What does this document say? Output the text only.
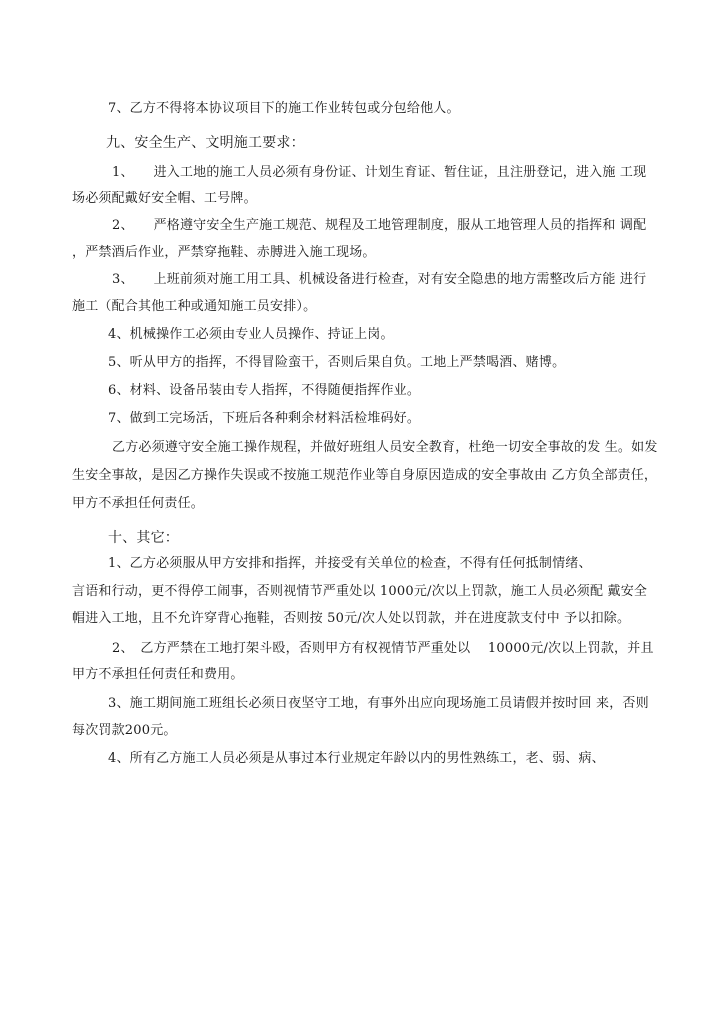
7、乙方不得将本协议项目下的施工作业转包或分包给他人。
九、安全生产、文明施工要求：
1、　　进入工地的施工人员必须有身份证、计划生育证、暂住证，且注册登记，进入施 工现
场必须配戴好安全帽、工号牌。
2、　　严格遵守安全生产施工规范、规程及工地管理制度，服从工地管理人员的指挥和 调配
，严禁酒后作业，严禁穿拖鞋、赤膊进入施工现场。
3、　　上班前须对施工用工具、机械设备进行检查，对有安全隐患的地方需整改后方能 进行
施工（配合其他工种或通知施工员安排）。
4、机械操作工必须由专业人员操作、持证上岗。
5、听从甲方的指挥，不得冒险蛮干，否则后果自负。工地上严禁喝酒、赌博。
6、材料、设备吊装由专人指挥，不得随便指挥作业。
7、做到工完场活，下班后各种剩余材料活检堆码好。
乙方必须遵守安全施工操作规程，并做好班组人员安全教育，杜绝一切安全事故的发 生。如发
生安全事故，是因乙方操作失误或不按施工规范作业等自身原因造成的安全事故由 乙方负全部责任，
甲方不承担任何责任。
十、其它：
1、乙方必须服从甲方安排和指挥，并接受有关单位的检查，不得有任何抵制情绪、
言语和行动，更不得停工闹事，否则视情节严重处以 1000元/次以上罚款，施工人员必须配 戴安全
帽进入工地，且不允许穿背心拖鞋，否则按 50元/次人处以罚款，并在进度款支付中 予以扣除。
2、　乙方严禁在工地打架斗殴，否则甲方有权视情节严重处以　 10000元/次以上罚款，并且
甲方不承担任何责任和费用。
3、施工期间施工班组长必须日夜坚守工地，有事外出应向现场施工员请假并按时回 来，否则
每次罚款200元。
4、所有乙方施工人员必须是从事过本行业规定年龄以内的男性熟练工，老、弱、病、
